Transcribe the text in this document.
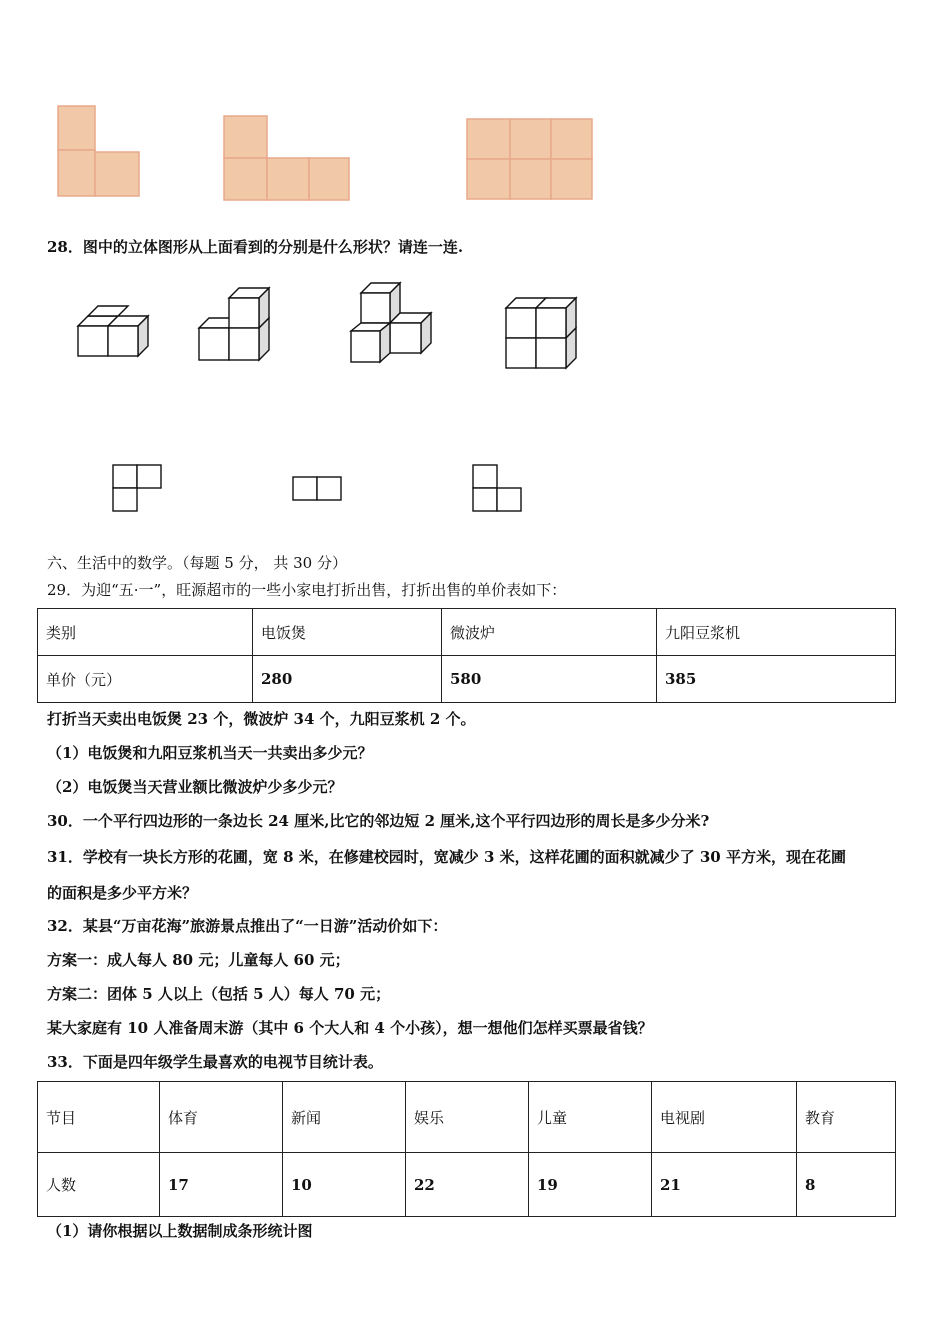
28．图中的立体图形从上面看到的分别是什么形状？请连一连.
六、生活中的数学。（每题 5 分， 共 30 分）
29．为迎“五·一”，旺源超市的一些小家电打折出售，打折出售的单价表如下：
类别	电饭煲	微波炉	九阳豆浆机
单价（元）	280	580	385
打折当天卖出电饭煲 23 个，微波炉 34 个，九阳豆浆机 2 个。
（1）电饭煲和九阳豆浆机当天一共卖出多少元？
（2）电饭煲当天营业额比微波炉少多少元？
30．一个平行四边形的一条边长 24 厘米,比它的邻边短 2 厘米,这个平行四边形的周长是多少分米?
31．学校有一块长方形的花圃，宽 8 米，在修建校园时，宽减少 3 米，这样花圃的面积就减少了 30 平方米，现在花圃
的面积是多少平方米？
32．某县“万亩花海”旅游景点推出了“一日游”活动价如下：
方案一：成人每人 80 元；儿童每人 60 元；
方案二：团体 5 人以上（包括 5 人）每人 70 元；
某大家庭有 10 人准备周末游（其中 6 个大人和 4 个小孩），想一想他们怎样买票最省钱？
33．下面是四年级学生最喜欢的电视节目统计表。
节目	体育	新闻	娱乐	儿童	电视剧	教育
人数	17	10	22	19	21	8
（1）请你根据以上数据制成条形统计图
